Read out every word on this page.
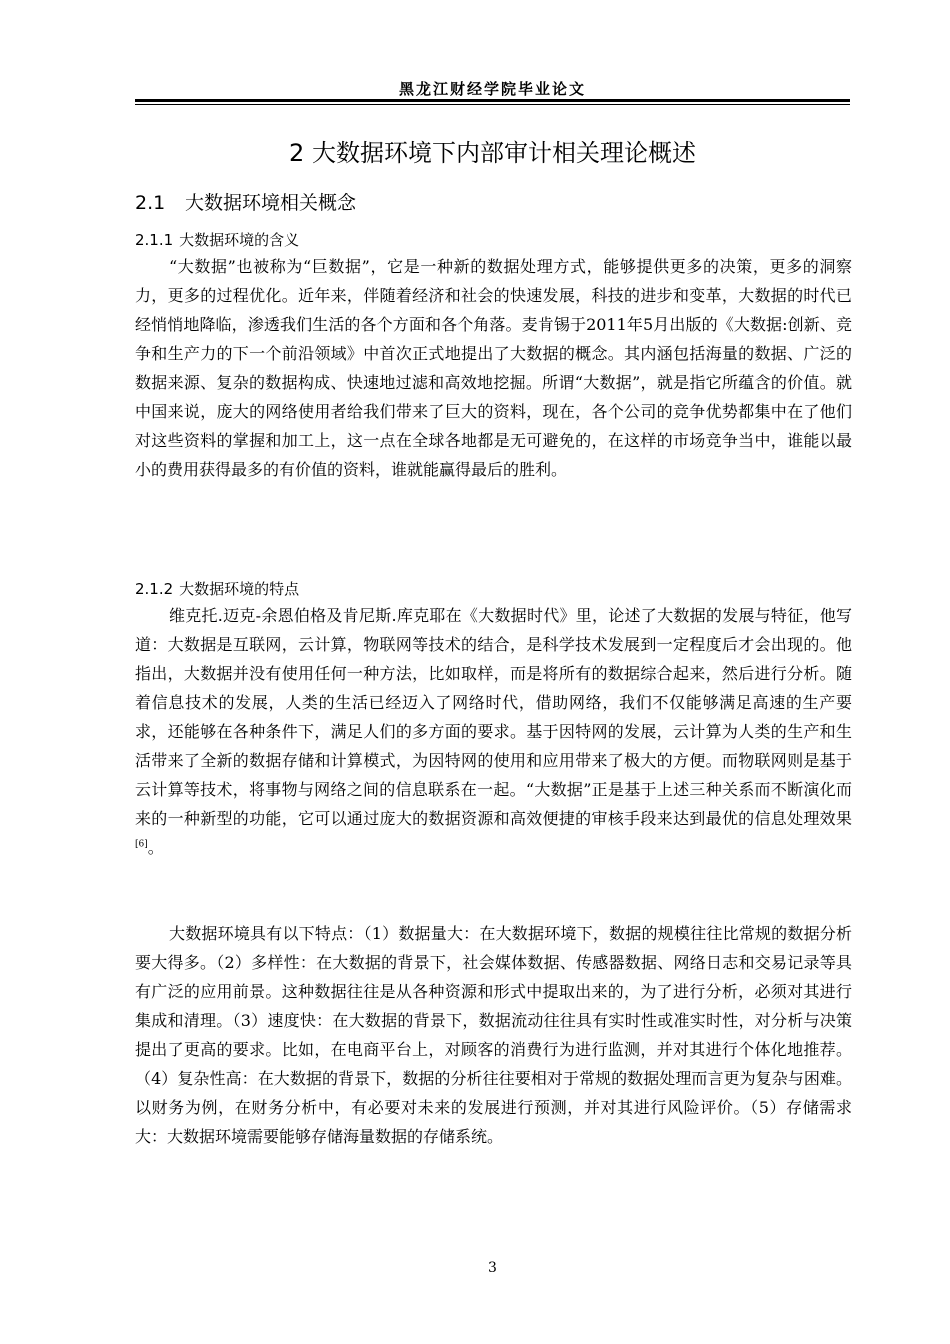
黑龙江财经学院毕业论文
2 大数据环境下内部审计相关理论概述
2.1 大数据环境相关概念
2.1.1 大数据环境的含义

“大数据”也被称为“巨数据”，它是一种新的数据处理方式，能够提供更多的决策，更多的洞察力，更多的过程优化。近年来，伴随着经济和社会的快速发展，科技的进步和变革，大数据的时代已经悄悄地降临，渗透我们生活的各个方面和各个角落。麦肯锡于2011年5月出版的《大数据:创新、竞争和生产力的下一个前沿领域》中首次正式地提出了大数据的概念。其内涵包括海量的数据、广泛的数据来源、复杂的数据构成、快速地过滤和高效地挖掘。所谓“大数据”，就是指它所蕴含的价值。就中国来说，庞大的网络使用者给我们带来了巨大的资料，现在，各个公司的竞争优势都集中在了他们对这些资料的掌握和加工上，这一点在全球各地都是无可避免的，在这样的市场竞争当中，谁能以最小的费用获得最多的有价值的资料，谁就能赢得最后的胜利。

2.1.2 大数据环境的特点

维克托.迈克-余恩伯格及肯尼斯.库克耶在《大数据时代》里，论述了大数据的发展与特征，他写道：大数据是互联网，云计算，物联网等技术的结合，是科学技术发展到一定程度后才会出现的。他指出，大数据并没有使用任何一种方法，比如取样，而是将所有的数据综合起来，然后进行分析。随着信息技术的发展，人类的生活已经迈入了网络时代，借助网络，我们不仅能够满足高速的生产要求，还能够在各种条件下，满足人们的多方面的要求。基于因特网的发展，云计算为人类的生产和生活带来了全新的数据存储和计算模式，为因特网的使用和应用带来了极大的方便。而物联网则是基于云计算等技术，将事物与网络之间的信息联系在一起。“大数据”正是基于上述三种关系而不断演化而来的一种新型的功能，它可以通过庞大的数据资源和高效便捷的审核手段来达到最优的信息处理效果[6]。

大数据环境具有以下特点：（1）数据量大：在大数据环境下，数据的规模往往比常规的数据分析要大得多。（2）多样性：在大数据的背景下，社会媒体数据、传感器数据、网络日志和交易记录等具有广泛的应用前景。这种数据往往是从各种资源和形式中提取出来的，为了进行分析，必须对其进行集成和清理。（3）速度快：在大数据的背景下，数据流动往往具有实时性或准实时性，对分析与决策提出了更高的要求。比如，在电商平台上，对顾客的消费行为进行监测，并对其进行个体化地推荐。（4）复杂性高：在大数据的背景下，数据的分析往往要相对于常规的数据处理而言更为复杂与困难。以财务为例，在财务分析中，有必要对未来的发展进行预测，并对其进行风险评价。（5）存储需求大：大数据环境需要能够存储海量数据的存储系统。

3
